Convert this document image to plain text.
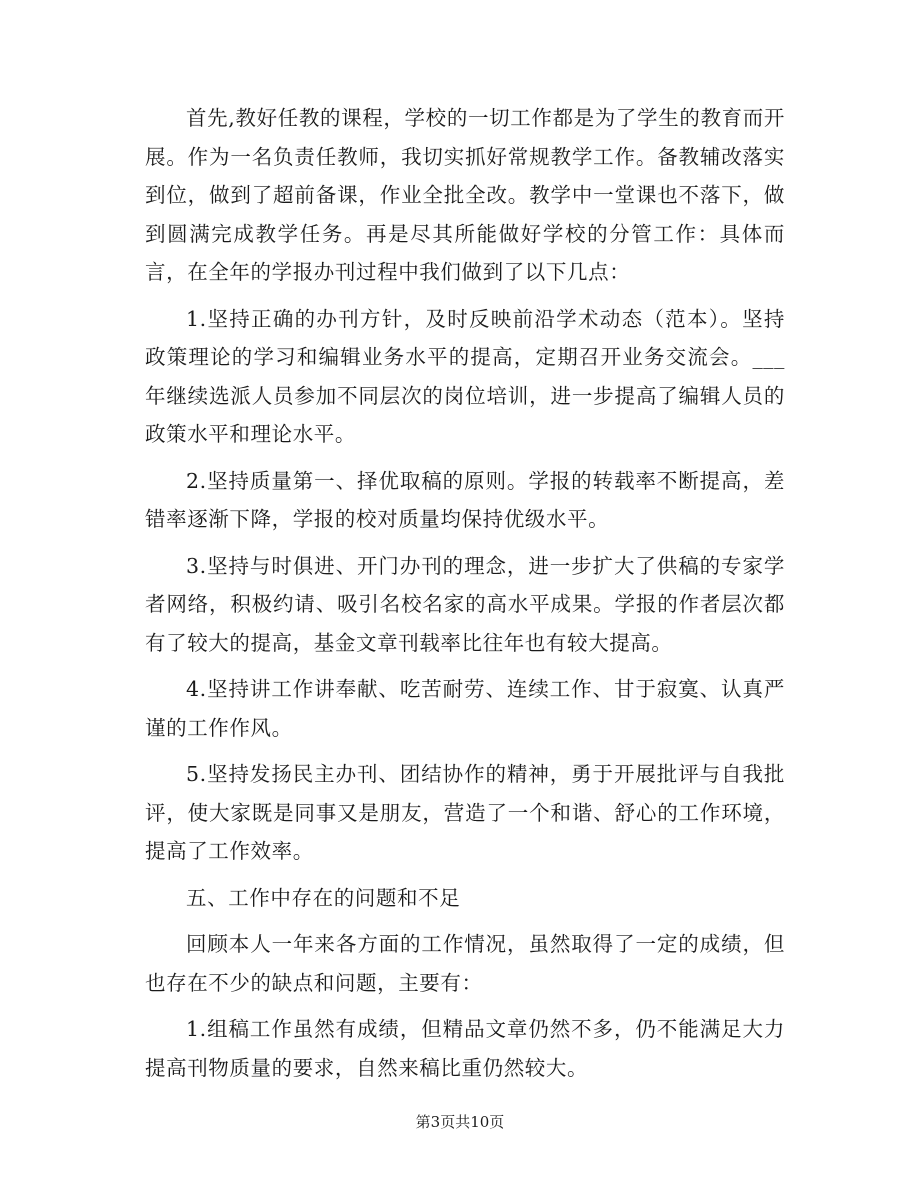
首先,教好任教的课程，学校的一切工作都是为了学生的教育而开展。作为一名负责任教师，我切实抓好常规教学工作。备教辅改落实到位，做到了超前备课，作业全批全改。教学中一堂课也不落下，做到圆满完成教学任务。再是尽其所能做好学校的分管工作：具体而言，在全年的学报办刊过程中我们做到了以下几点：

1.坚持正确的办刊方针，及时反映前沿学术动态（范本）。坚持政策理论的学习和编辑业务水平的提高，定期召开业务交流会。___年继续选派人员参加不同层次的岗位培训，进一步提高了编辑人员的政策水平和理论水平。

2.坚持质量第一、择优取稿的原则。学报的转载率不断提高，差错率逐渐下降，学报的校对质量均保持优级水平。

3.坚持与时俱进、开门办刊的理念，进一步扩大了供稿的专家学者网络，积极约请、吸引名校名家的高水平成果。学报的作者层次都有了较大的提高，基金文章刊载率比往年也有较大提高。

4.坚持讲工作讲奉献、吃苦耐劳、连续工作、甘于寂寞、认真严谨的工作作风。

5.坚持发扬民主办刊、团结协作的精神，勇于开展批评与自我批评，使大家既是同事又是朋友，营造了一个和谐、舒心的工作环境，提高了工作效率。

五、工作中存在的问题和不足

回顾本人一年来各方面的工作情况，虽然取得了一定的成绩，但也存在不少的缺点和问题，主要有：

1.组稿工作虽然有成绩，但精品文章仍然不多，仍不能满足大力提高刊物质量的要求，自然来稿比重仍然较大。

第3页共10页
